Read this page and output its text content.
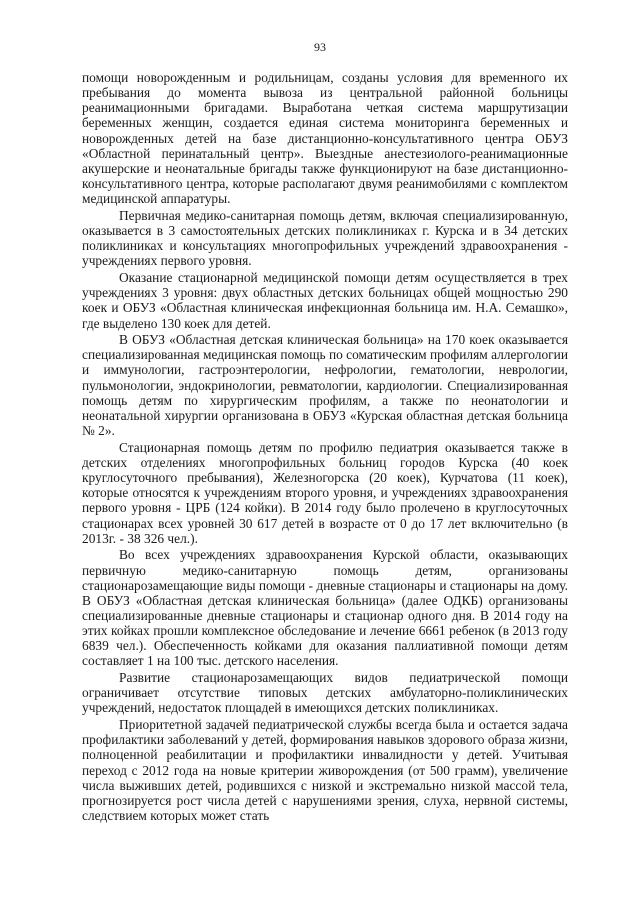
93

помощи новорожденным и родильницам, созданы условия для временного их пребывания до момента вывоза из центральной районной больницы реанимационными бригадами. Выработана четкая система маршрутизации беременных женщин, создается единая система мониторинга беременных и новорожденных детей на базе дистанционно-консультативного центра ОБУЗ «Областной перинатальный центр». Выездные анестезиолого-реанимационные акушерские и неонатальные бригады также функционируют на базе дистанционно-консультативного центра, которые располагают двумя реанимобилями с комплектом медицинской аппаратуры.

Первичная медико-санитарная помощь детям, включая специализированную, оказывается в 3 самостоятельных детских поликлиниках г. Курска и в 34 детских поликлиниках и консультациях многопрофильных учреждений здравоохранения - учреждениях первого уровня.

Оказание стационарной медицинской помощи детям осуществляется в трех учреждениях 3 уровня: двух областных детских больницах общей мощностью 290 коек и ОБУЗ «Областная клиническая инфекционная больница им. Н.А. Семашко», где выделено 130 коек для детей.

В ОБУЗ «Областная детская клиническая больница» на 170 коек оказывается специализированная медицинская помощь по соматическим профилям аллергологии и иммунологии, гастроэнтерологии, нефрологии, гематологии, неврологии, пульмонологии, эндокринологии, ревматологии, кардиологии. Специализированная помощь детям по хирургическим профилям, а также по неонатологии и неонатальной хирургии организована в ОБУЗ «Курская областная детская больница № 2».

Стационарная помощь детям по профилю педиатрия оказывается также в детских отделениях многопрофильных больниц городов Курска (40 коек круглосуточного пребывания), Железногорска (20 коек), Курчатова (11 коек), которые относятся к учреждениям второго уровня, и учреждениях здравоохранения первого уровня - ЦРБ (124 койки). В 2014 году было пролечено в круглосуточных стационарах всех уровней 30 617 детей в возрасте от 0 до 17 лет включительно (в 2013г. - 38 326 чел.).

Во всех учреждениях здравоохранения Курской области, оказывающих первичную медико-санитарную помощь детям, организованы стационарозамещающие виды помощи - дневные стационары и стационары на дому. В ОБУЗ «Областная детская клиническая больница» (далее ОДКБ) организованы специализированные дневные стационары и стационар одного дня. В 2014 году на этих койках прошли комплексное обследование и лечение 6661 ребенок (в 2013 году 6839 чел.). Обеспеченность койками для оказания паллиативной помощи детям составляет 1 на 100 тыс. детского населения.

Развитие стационарозамещающих видов педиатрической помощи ограничивает отсутствие типовых детских амбулаторно-поликлинических учреждений, недостаток площадей в имеющихся детских поликлиниках.

Приоритетной задачей педиатрической службы всегда была и остается задача профилактики заболеваний у детей, формирования навыков здорового образа жизни, полноценной реабилитации и профилактики инвалидности у детей. Учитывая переход с 2012 года на новые критерии живорождения (от 500 грамм), увеличение числа выживших детей, родившихся с низкой и экстремально низкой массой тела, прогнозируется рост числа детей с нарушениями зрения, слуха, нервной системы, следствием которых может стать
